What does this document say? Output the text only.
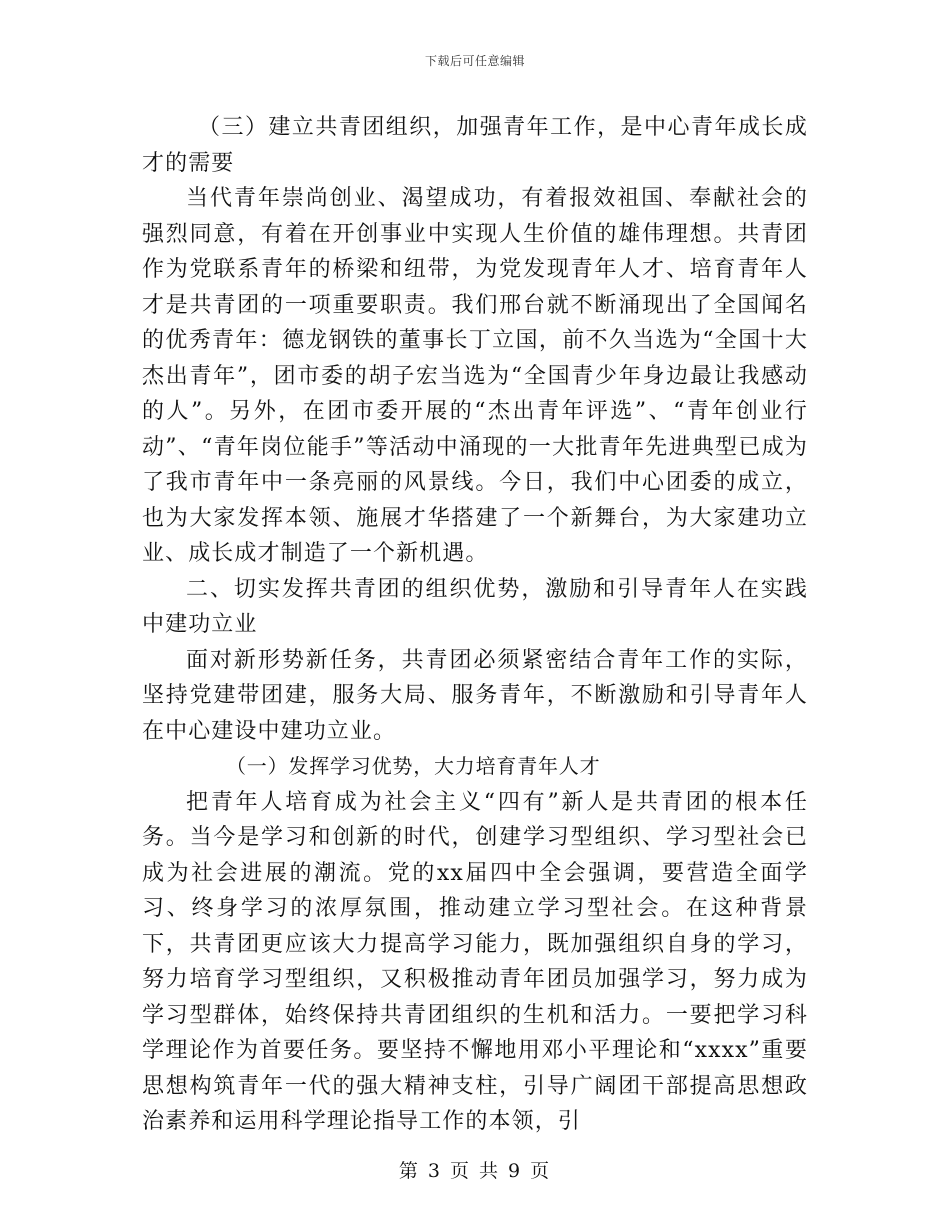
下载后可任意编辑

（三）建立共青团组织，加强青年工作，是中心青年成长成才的需要

当代青年崇尚创业、渴望成功，有着报效祖国、奉献社会的强烈同意，有着在开创事业中实现人生价值的雄伟理想。共青团作为党联系青年的桥梁和纽带，为党发现青年人才、培育青年人才是共青团的一项重要职责。我们邢台就不断涌现出了全国闻名的优秀青年：德龙钢铁的董事长丁立国，前不久当选为“全国十大杰出青年”，团市委的胡子宏当选为“全国青少年身边最让我感动的人”。另外，在团市委开展的“杰出青年评选”、“青年创业行动”、“青年岗位能手”等活动中涌现的一大批青年先进典型已成为了我市青年中一条亮丽的风景线。今日，我们中心团委的成立，也为大家发挥本领、施展才华搭建了一个新舞台，为大家建功立业、成长成才制造了一个新机遇。

二、切实发挥共青团的组织优势，激励和引导青年人在实践中建功立业

面对新形势新任务，共青团必须紧密结合青年工作的实际，坚持党建带团建，服务大局、服务青年，不断激励和引导青年人在中心建设中建功立业。

（一）发挥学习优势，大力培育青年人才

把青年人培育成为社会主义“四有”新人是共青团的根本任务。当今是学习和创新的时代，创建学习型组织、学习型社会已成为社会进展的潮流。党的xx届四中全会强调，要营造全面学习、终身学习的浓厚氛围，推动建立学习型社会。在这种背景下，共青团更应该大力提高学习能力，既加强组织自身的学习，努力培育学习型组织，又积极推动青年团员加强学习，努力成为学习型群体，始终保持共青团组织的生机和活力。一要把学习科学理论作为首要任务。要坚持不懈地用邓小平理论和“xxxx”重要思想构筑青年一代的强大精神支柱，引导广阔团干部提高思想政治素养和运用科学理论指导工作的本领，引

第 3 页 共 9 页
